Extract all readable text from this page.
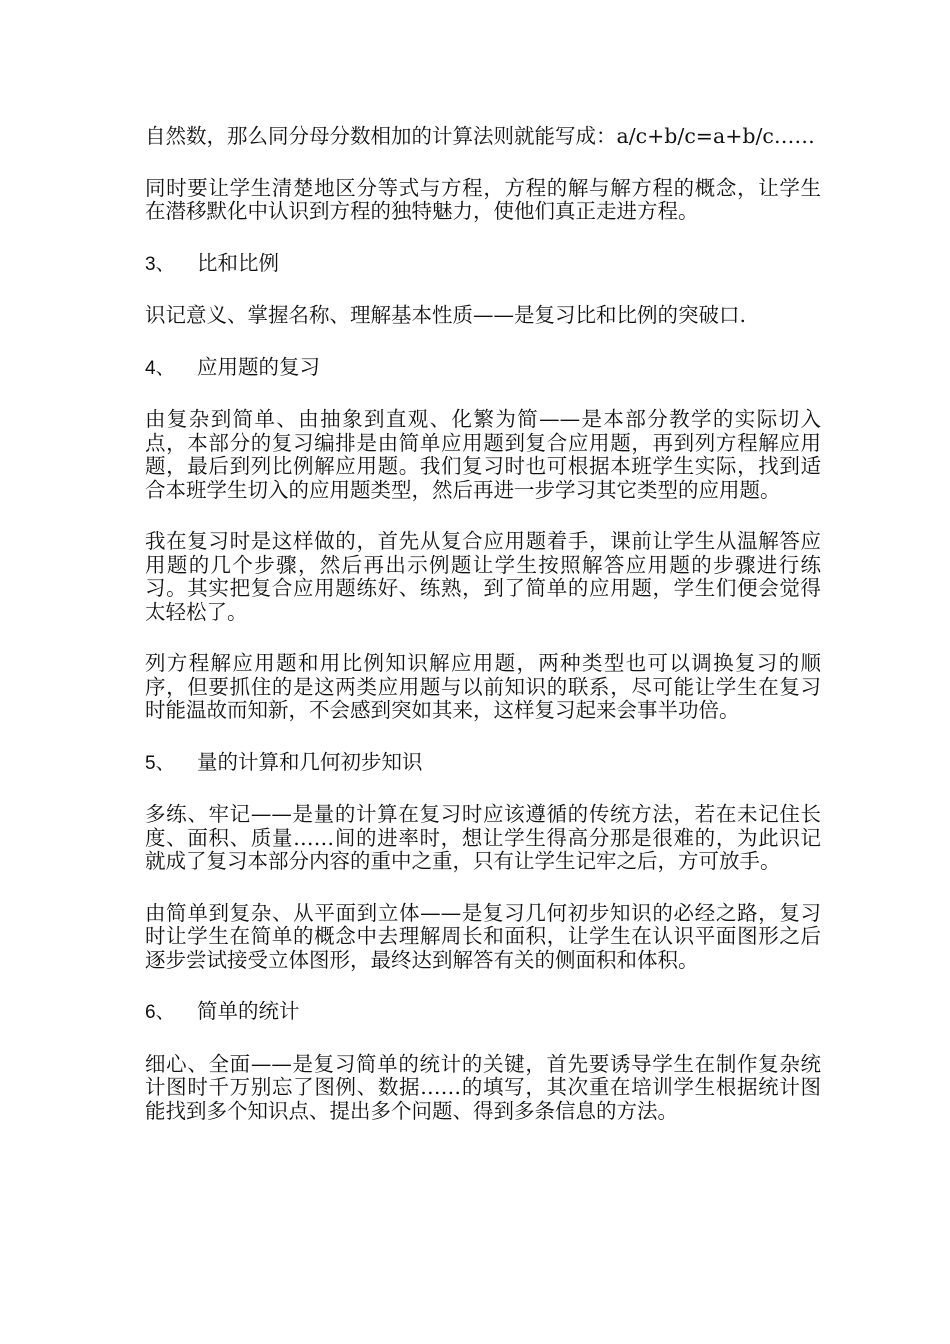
自然数，那么同分母分数相加的计算法则就能写成：a/c+b/c=a+b/c……

同时要让学生清楚地区分等式与方程，方程的解与解方程的概念，让学生在潜移默化中认识到方程的独特魅力，使他们真正走进方程。

3、 比和比例

识记意义、掌握名称、理解基本性质——是复习比和比例的突破口.

4、 应用题的复习

由复杂到简单、由抽象到直观、化繁为简——是本部分教学的实际切入点，本部分的复习编排是由简单应用题到复合应用题，再到列方程解应用题，最后到列比例解应用题。我们复习时也可根据本班学生实际，找到适合本班学生切入的应用题类型，然后再进一步学习其它类型的应用题。

我在复习时是这样做的，首先从复合应用题着手，课前让学生从温解答应用题的几个步骤，然后再出示例题让学生按照解答应用题的步骤进行练习。其实把复合应用题练好、练熟，到了简单的应用题，学生们便会觉得太轻松了。

列方程解应用题和用比例知识解应用题，两种类型也可以调换复习的顺序，但要抓住的是这两类应用题与以前知识的联系，尽可能让学生在复习时能温故而知新，不会感到突如其来，这样复习起来会事半功倍。

5、 量的计算和几何初步知识

多练、牢记——是量的计算在复习时应该遵循的传统方法，若在未记住长度、面积、质量……间的进率时，想让学生得高分那是很难的，为此识记就成了复习本部分内容的重中之重，只有让学生记牢之后，方可放手。

由简单到复杂、从平面到立体——是复习几何初步知识的必经之路，复习时让学生在简单的概念中去理解周长和面积，让学生在认识平面图形之后逐步尝试接受立体图形，最终达到解答有关的侧面积和体积。

6、 简单的统计

细心、全面——是复习简单的统计的关键，首先要诱导学生在制作复杂统计图时千万别忘了图例、数据……的填写，其次重在培训学生根据统计图能找到多个知识点、提出多个问题、得到多条信息的方法。
